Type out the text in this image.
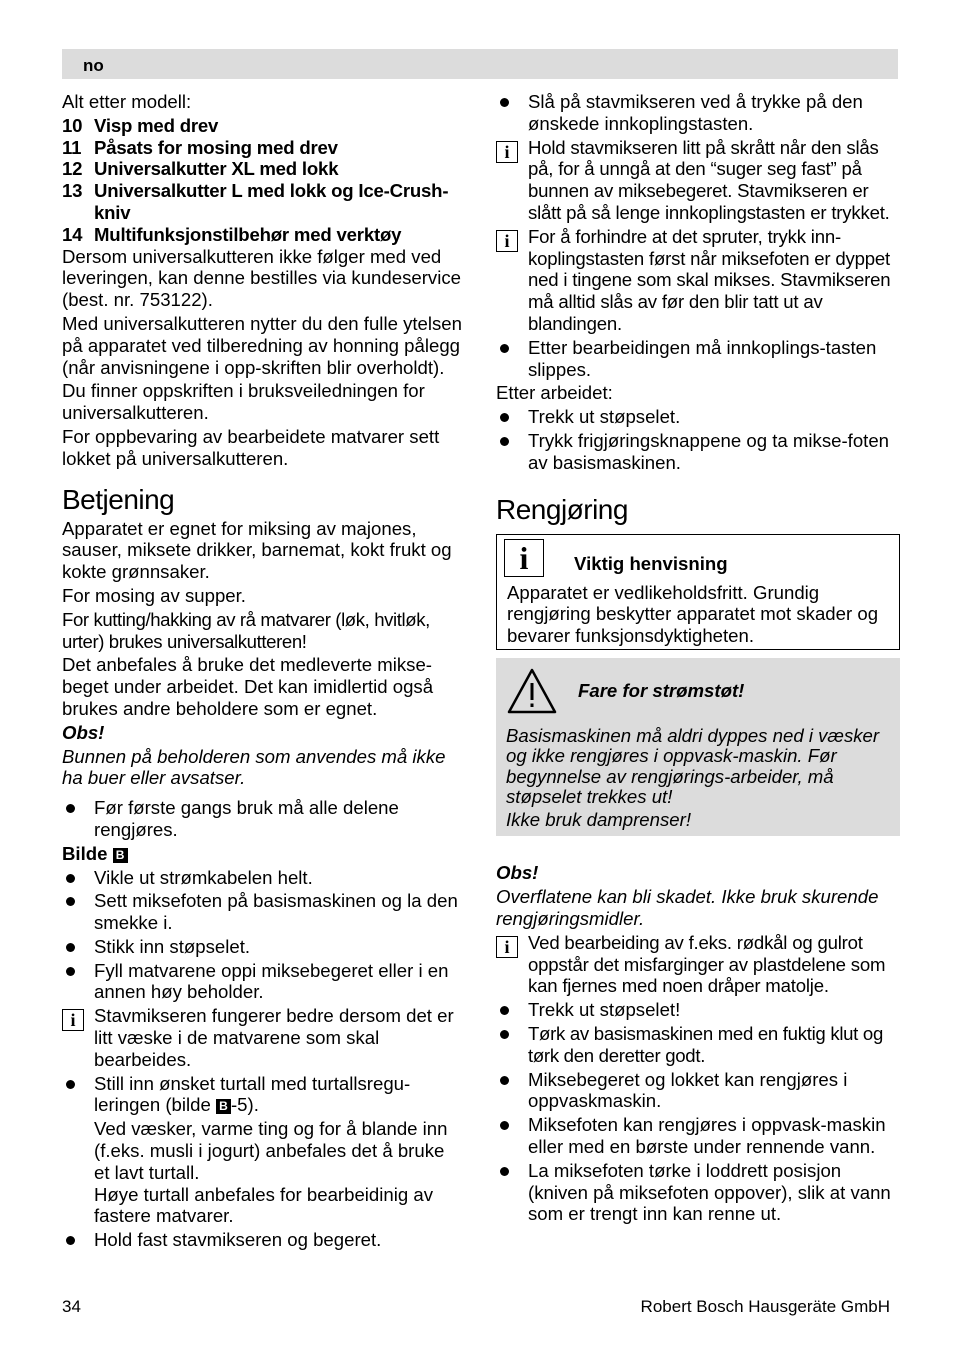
no

Alt etter modell:

10 Visp med drev
11 Påsats for mosing med drev
12 Universalkutter XL med lokk
13 Universalkutter L med lokk og Ice-Crush-kniv
14 Multifunksjonstilbehør med verktøy

Dersom universalkutteren ikke følger med ved leveringen, kan denne bestilles via kundeservice (best. nr. 753122).

Med universalkutteren nytter du den fulle ytelsen på apparatet ved tilberedning av honning pålegg (når anvisningene i opp-skriften blir overholdt).

Du finner oppskriften i bruksveiledningen for universalkutteren.

For oppbevaring av bearbeidete matvarer sett lokket på universalkutteren.

Betjening

Apparatet er egnet for miksing av majones, sauser, miksete drikker, barnemat, kokt frukt og kokte grønnsaker.

For mosing av supper.

For kutting/hakking av rå matvarer (løk, hvitløk, urter) brukes universalkutteren!

Det anbefales å bruke det medleverte mikse-beget under arbeidet. Det kan imidlertid også brukes andre beholdere som er egnet.

Obs!

Bunnen på beholderen som anvendes må ikke ha buer eller avsatser.

Før første gangs bruk må alle delene rengjøres.

Bilde B

Vikle ut strømkabelen helt.
Sett miksefoten på basismaskinen og la den smekke i.
Stikk inn støpselet.
Fyll matvarene oppi miksebegeret eller i en annen høy beholder.
i Stavmikseren fungerer bedre dersom det er litt væske i de matvarene som skal bearbeides.
Still inn ønsket turtall med turtallsregu-leringen (bilde B -5).
Ved væsker, varme ting og for å blande inn (f.eks. musli i jogurt) anbefales det å bruke et lavt turtall.
Høye turtall anbefales for bearbeidinig av fastere matvarer.
Hold fast stavmikseren og begeret.
Slå på stavmikseren ved å trykke på den ønskede innkoplingstasten.
i Hold stavmikseren litt på skrått når den slås på, for å unngå at den “suger seg fast” på bunnen av miksebegeret. Stavmikseren er slått på så lenge innkoplingstasten er trykket.
i For å forhindre at det spruter, trykk inn-koplingstasten først når miksefoten er dyppet ned i tingene som skal mikses. Stavmikseren må alltid slås av før den blir tatt ut av blandingen.
Etter bearbeidingen må innkoplings-tasten slippes.

Etter arbeidet:

Trekk ut støpselet.
Trykk frigjøringsknappene og ta mikse-foten av basismaskinen.
Rengjøring
i	Viktig henvisning
Apparatet er vedlikeholdsfritt. Grundig rengjøring beskytter apparatet mot skader og bevarer funksjonsdyktigheten.
Fare for strømstøt!
Basismaskinen må aldri dyppes ned i væsker og ikke rengjøres i oppvask-maskin. Før begynnelse av rengjørings-arbeider, må støpselet trekkes ut!
Ikke bruk damprenser!

Obs!

Overflatene kan bli skadet. Ikke bruk skurende rengjøringsmidler.

i Ved bearbeiding av f.eks. rødkål og gulrot oppstår det misfarginger av plastdelene som kan fjernes med noen dråper matolje.
Trekk ut støpselet!
Tørk av basismaskinen med en fuktig klut og tørk den deretter godt.
Miksebegeret og lokket kan rengjøres i oppvaskmaskin.
Miksefoten kan rengjøres i oppvask-maskin eller med en børste under rennende vann.
La miksefoten tørke i loddrett posisjon (kniven på miksefoten oppover), slik at vann som er trengt inn kan renne ut.
34	Robert Bosch Hausgeräte GmbH
